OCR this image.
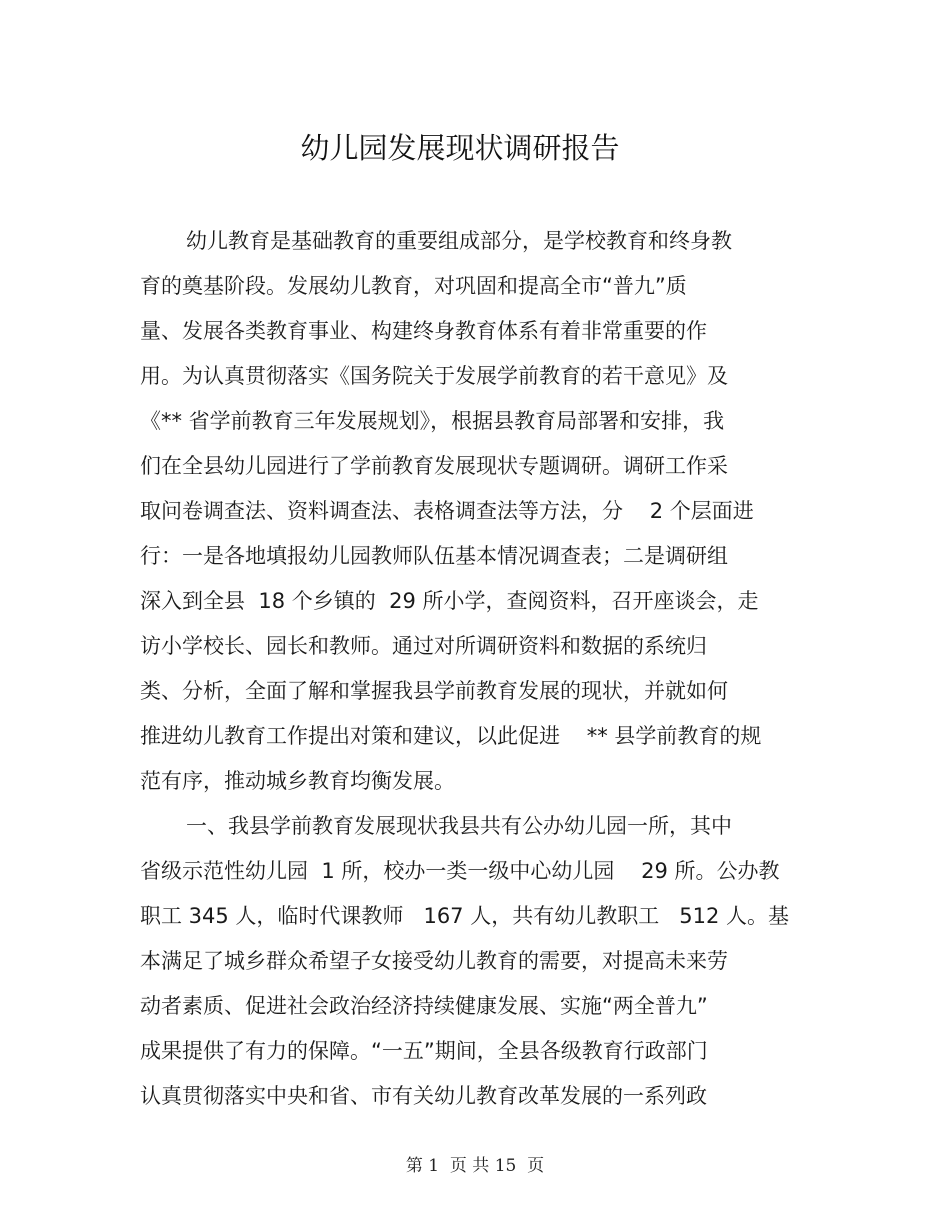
幼儿园发展现状调研报告
幼儿教育是基础教育的重要组成部分，是学校教育和终身教
育的奠基阶段。发展幼儿教育，对巩固和提高全市“普九”质
量、发展各类教育事业、构建终身教育体系有着非常重要的作
用。为认真贯彻落实《国务院关于发展学前教育的若干意见》及
《** 省学前教育三年发展规划》，根据县教育局部署和安排，我
们在全县幼儿园进行了学前教育发展现状专题调研。调研工作采
取问卷调查法、资料调查法、表格调查法等方法，分    2 个层面进
行：一是各地填报幼儿园教师队伍基本情况调查表；二是调研组
深入到全县  18 个乡镇的  29 所小学，查阅资料，召开座谈会，走
访小学校长、园长和教师。通过对所调研资料和数据的系统归
类、分析，全面了解和掌握我县学前教育发展的现状，并就如何
推进幼儿教育工作提出对策和建议，以此促进    ** 县学前教育的规
范有序，推动城乡教育均衡发展。
一、我县学前教育发展现状我县共有公办幼儿园一所，其中
省级示范性幼儿园  1 所，校办一类一级中心幼儿园    29 所。公办教
职工 345 人，临时代课教师   167 人，共有幼儿教职工   512 人。基
本满足了城乡群众希望子女接受幼儿教育的需要，对提高未来劳
动者素质、促进社会政治经济持续健康发展、实施“两全普九”
成果提供了有力的保障。“一五”期间，全县各级教育行政部门
认真贯彻落实中央和省、市有关幼儿教育改革发展的一系列政
第 1  页 共 15  页
